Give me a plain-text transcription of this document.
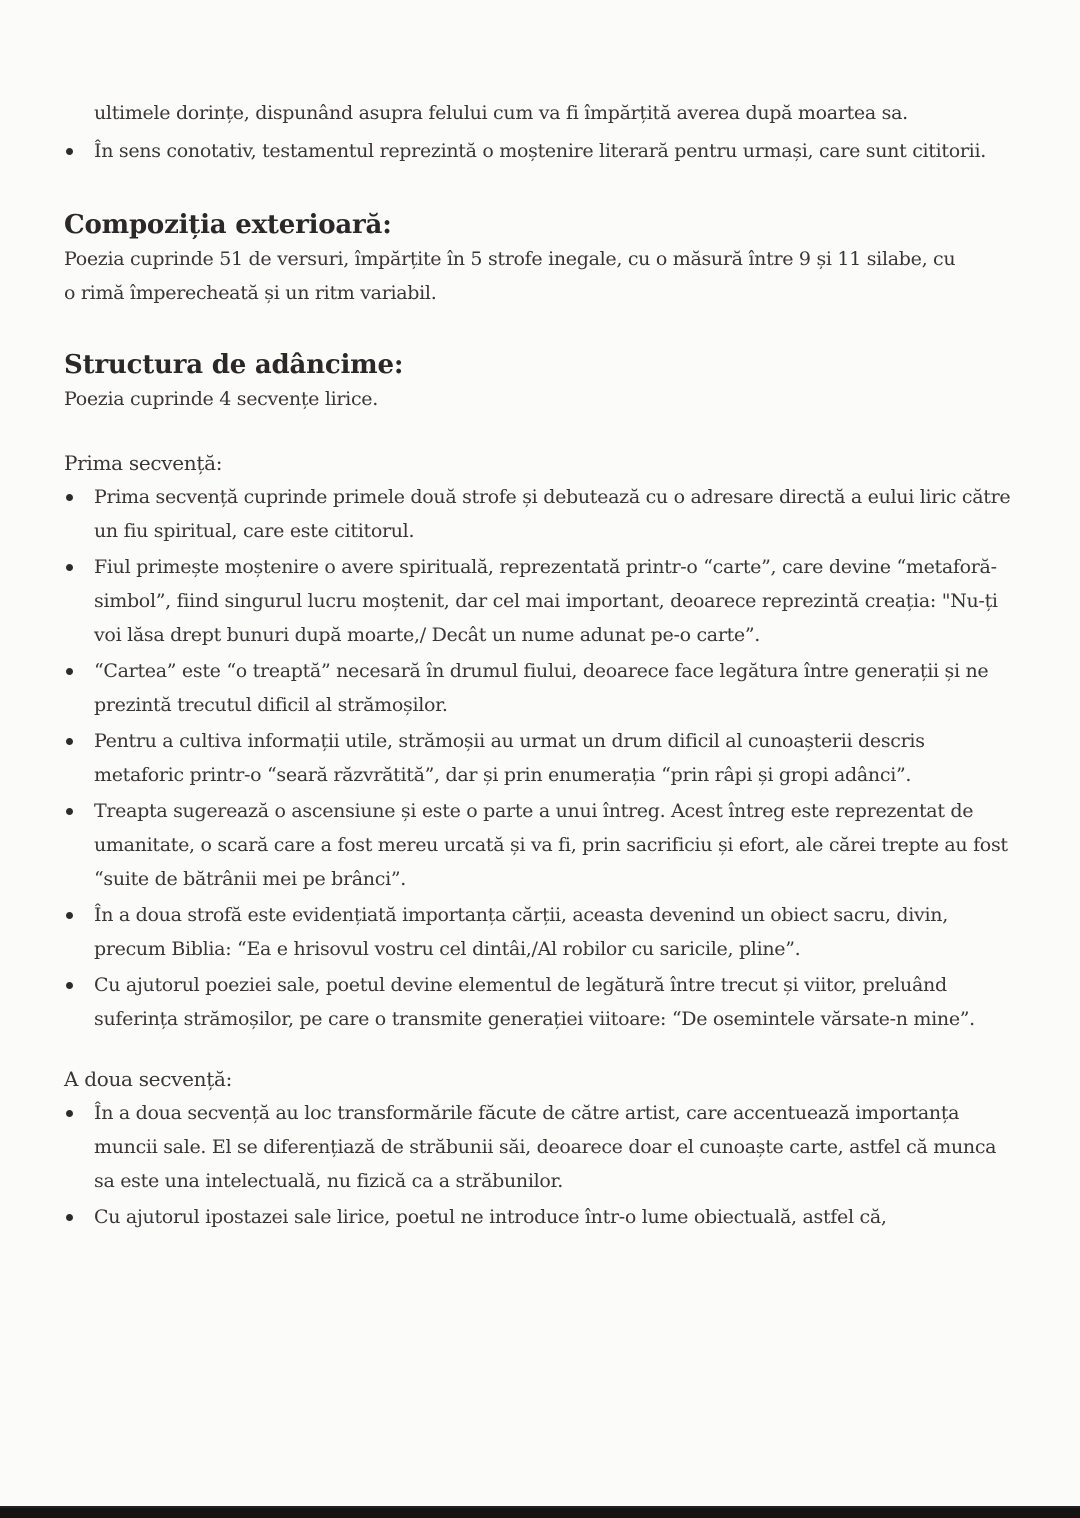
ultimele dorințe, dispunând asupra felului cum va fi împărțită averea după moartea sa.
În sens conotativ, testamentul reprezintă o moștenire literară pentru urmași, care sunt cititorii.
Compoziția exterioară:

Poezia cuprinde 51 de versuri, împărțite în 5 strofe inegale, cu o măsură între 9 și 11 silabe, cu o rimă împerecheată și un ritm variabil.

Structura de adâncime:

Poezia cuprinde 4 secvențe lirice.

Prima secvență:

Prima secvență cuprinde primele două strofe și debutează cu o adresare directă a eului liric către un fiu spiritual, care este cititorul.
Fiul primește moștenire o avere spirituală, reprezentată printr-o “carte”, care devine “metaforă-simbol”, fiind singurul lucru moștenit, dar cel mai important, deoarece reprezintă creația: "Nu-ți voi lăsa drept bunuri după moarte,/ Decât un nume adunat pe-o carte”.
“Cartea” este “o treaptă” necesară în drumul fiului, deoarece face legătura între generații și ne prezintă trecutul dificil al strămoșilor.
Pentru a cultiva informații utile, strămoșii au urmat un drum dificil al cunoașterii descris metaforic printr-o “seară răzvrătită”, dar și prin enumerația “prin râpi și gropi adânci”.
Treapta sugerează o ascensiune și este o parte a unui întreg. Acest întreg este reprezentat de umanitate, o scară care a fost mereu urcată și va fi, prin sacrificiu și efort, ale cărei trepte au fost “suite de bătrânii mei pe brânci”.
În a doua strofă este evidențiată importanța cărții, aceasta devenind un obiect sacru, divin, precum Biblia: “Ea e hrisovul vostru cel dintâi,/Al robilor cu saricile, pline”.
Cu ajutorul poeziei sale, poetul devine elementul de legătură între trecut și viitor, preluând suferința strămoșilor, pe care o transmite generației viitoare: “De osemintele vărsate-n mine”.

A doua secvență:

În a doua secvență au loc transformările făcute de către artist, care accentuează importanța muncii sale. El se diferențiază de străbunii săi, deoarece doar el cunoaște carte, astfel că munca sa este una intelectuală, nu fizică ca a străbunilor.
Cu ajutorul ipostazei sale lirice, poetul ne introduce într-o lume obiectuală, astfel că,
